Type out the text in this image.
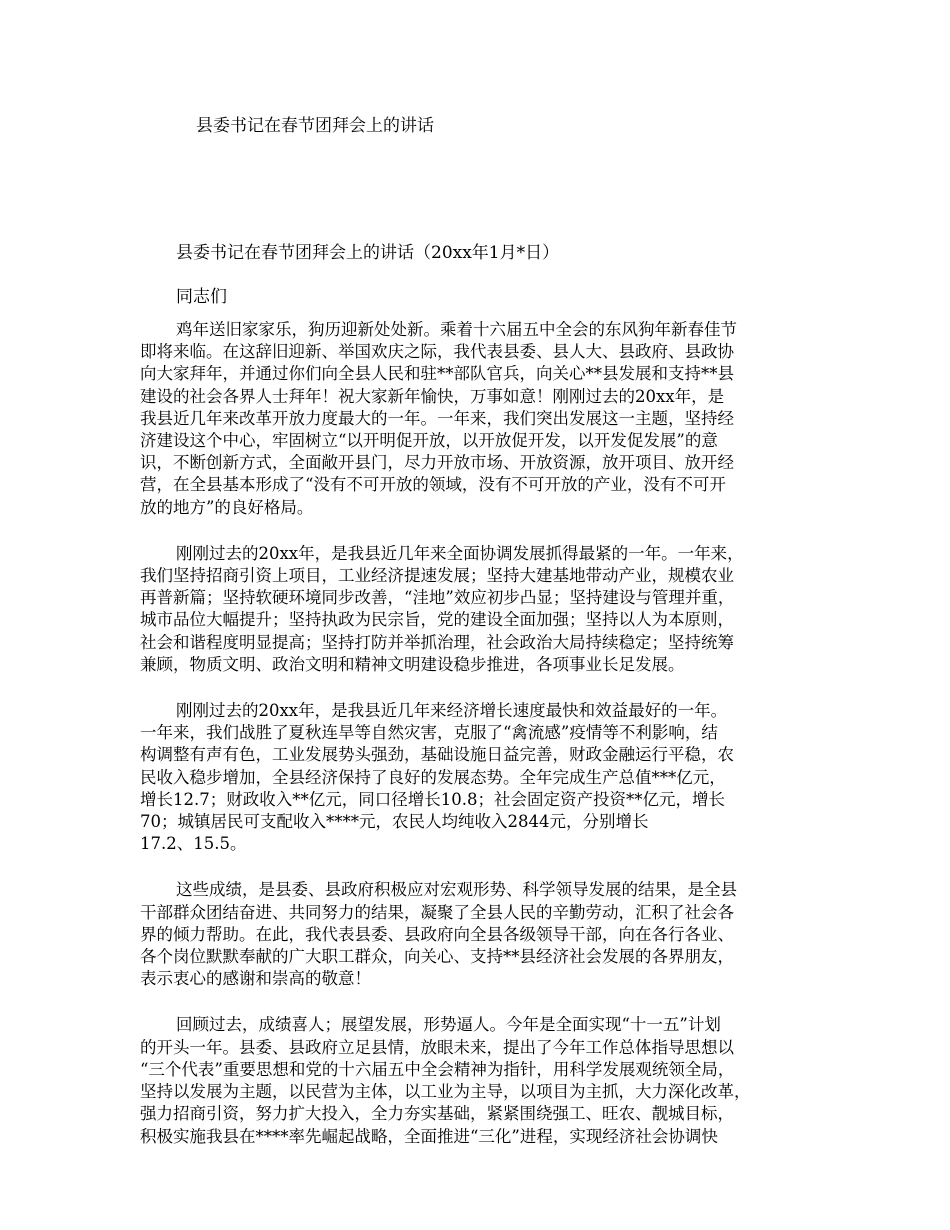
县委书记在春节团拜会上的讲话
县委书记在春节团拜会上的讲话（20xx年1月*日）
同志们
鸡年送旧家家乐，狗历迎新处处新。乘着十六届五中全会的东风狗年新春佳节
即将来临。在这辞旧迎新、举国欢庆之际，我代表县委、县人大、县政府、县政协
向大家拜年，并通过你们向全县人民和驻**部队官兵，向关心**县发展和支持**县
建设的社会各界人士拜年！祝大家新年愉快，万事如意！刚刚过去的20xx年，是
我县近几年来改革开放力度最大的一年。一年来，我们突出发展这一主题，坚持经
济建设这个中心，牢固树立“以开明促开放，以开放促开发，以开发促发展”的意
识，不断创新方式，全面敞开县门，尽力开放市场、开放资源，放开项目、放开经
营，在全县基本形成了“没有不可开放的领域，没有不可开放的产业，没有不可开
放的地方”的良好格局。
刚刚过去的20xx年，是我县近几年来全面协调发展抓得最紧的一年。一年来，
我们坚持招商引资上项目，工业经济提速发展；坚持大建基地带动产业，规模农业
再普新篇；坚持软硬环境同步改善，“洼地”效应初步凸显；坚持建设与管理并重，
城市品位大幅提升；坚持执政为民宗旨，党的建设全面加强；坚持以人为本原则，
社会和谐程度明显提高；坚持打防并举抓治理，社会政治大局持续稳定；坚持统筹
兼顾，物质文明、政治文明和精神文明建设稳步推进，各项事业长足发展。
刚刚过去的20xx年，是我县近几年来经济增长速度最快和效益最好的一年。
一年来，我们战胜了夏秋连旱等自然灾害，克服了“禽流感”疫情等不利影响，结
构调整有声有色，工业发展势头强劲，基础设施日益完善，财政金融运行平稳，农
民收入稳步增加，全县经济保持了良好的发展态势。全年完成生产总值***亿元，
增长12.7；财政收入**亿元，同口径增长10.8；社会固定资产投资**亿元，增长
70；城镇居民可支配收入****元，农民人均纯收入2844元，分别增长
17.2、15.5。
这些成绩，是县委、县政府积极应对宏观形势、科学领导发展的结果，是全县
干部群众团结奋进、共同努力的结果，凝聚了全县人民的辛勤劳动，汇积了社会各
界的倾力帮助。在此，我代表县委、县政府向全县各级领导干部，向在各行各业、
各个岗位默默奉献的广大职工群众，向关心、支持**县经济社会发展的各界朋友，
表示衷心的感谢和崇高的敬意！
回顾过去，成绩喜人；展望发展，形势逼人。今年是全面实现“十一五”计划
的开头一年。县委、县政府立足县情，放眼未来，提出了今年工作总体指导思想以
“三个代表”重要思想和党的十六届五中全会精神为指针，用科学发展观统领全局，
坚持以发展为主题，以民营为主体，以工业为主导，以项目为主抓，大力深化改革，
强力招商引资，努力扩大投入，全力夯实基础，紧紧围绕强工、旺农、靓城目标，
积极实施我县在****率先崛起战略，全面推进“三化”进程，实现经济社会协调快
